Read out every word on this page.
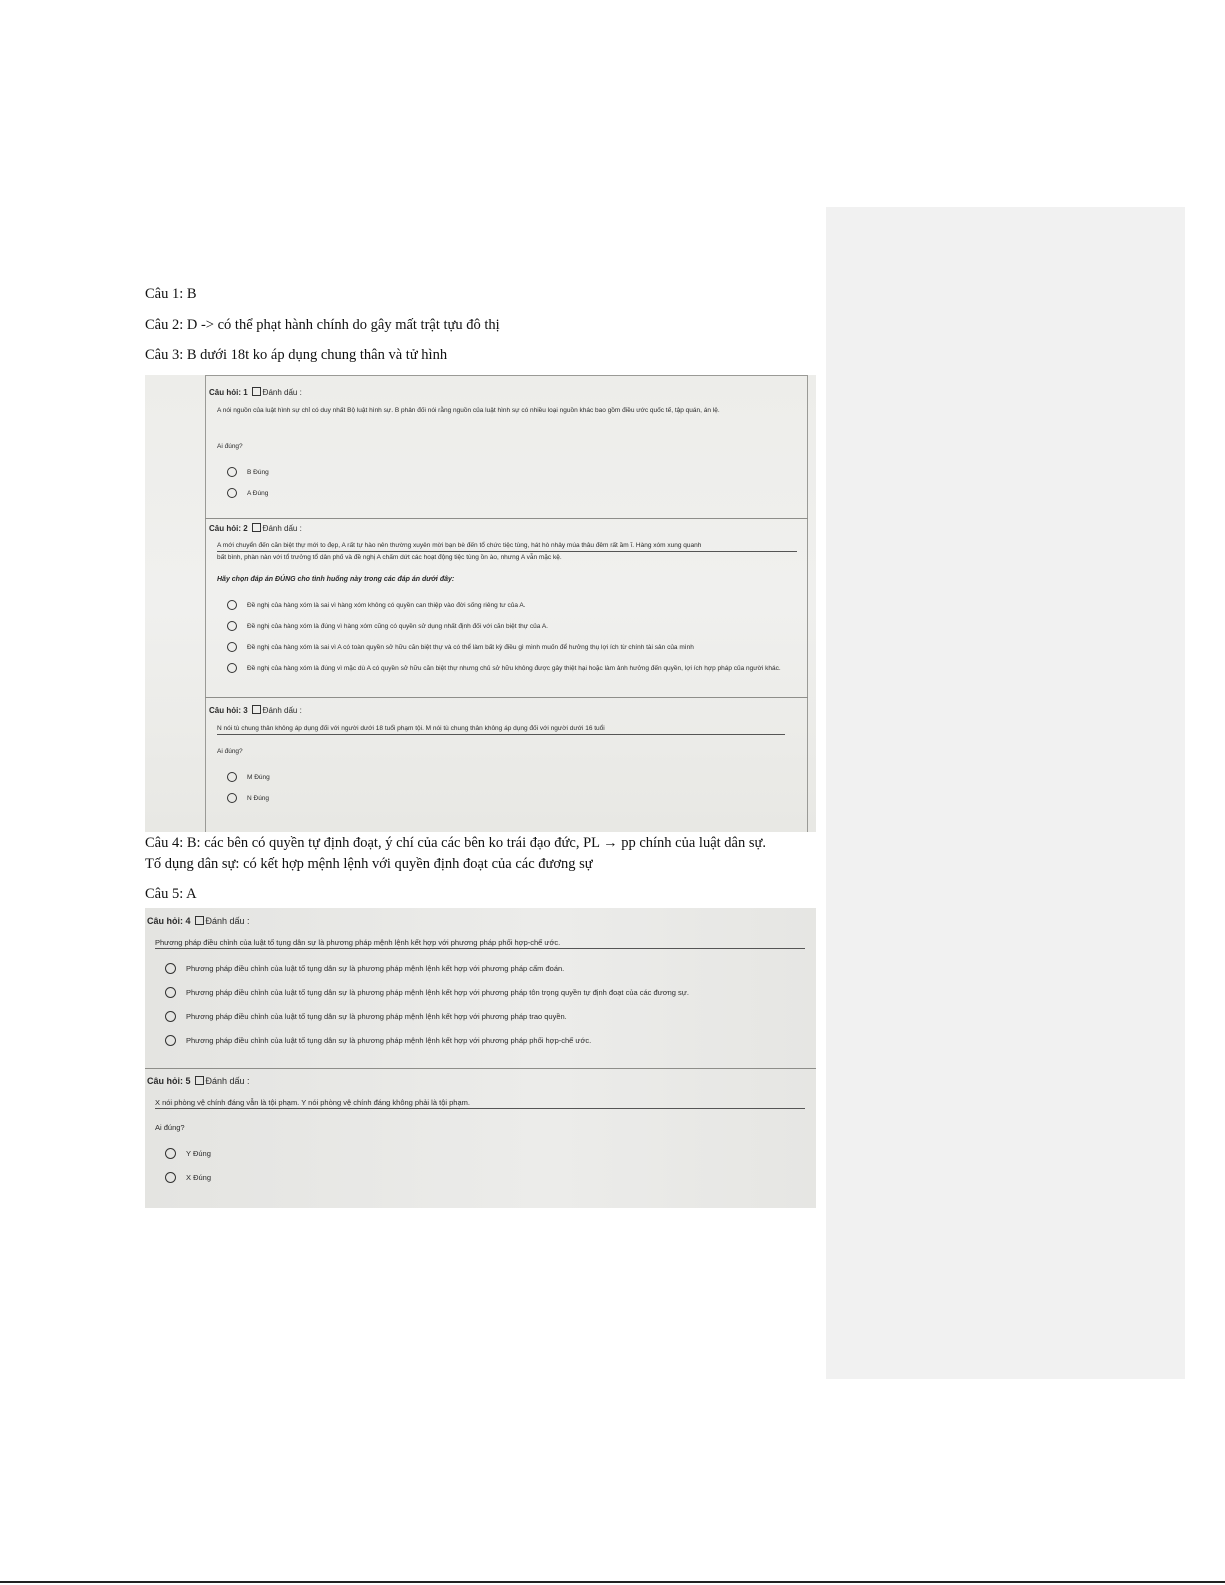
Câu 1: B
Câu 2: D -> có thể phạt hành chính do gây mất trật tựu đô thị
Câu 3: B dưới 18t ko áp dụng chung thân và tử hình
Câu hỏi: 1 Đánh dấu :
A nói nguồn của luật hình sự chỉ có duy nhất Bộ luật hình sự. B phản đối nói rằng nguồn của luật hình sự có nhiều loại nguồn khác bao gồm điều ước quốc tế, tập quán, án lệ.
Ai đúng?
B Đúng
A Đúng
Câu hỏi: 2 Đánh dấu :
A mới chuyển đến căn biệt thự mới to đẹp, A rất tự hào nên thường xuyên mời bạn bè đến tổ chức tiệc tùng, hát hò nhảy múa thâu đêm rất ầm ĩ. Hàng xóm xung quanh
bất bình, phàn nàn với tổ trưởng tổ dân phố và đề nghị A chấm dứt các hoạt động tiệc tùng ồn ào, nhưng A vẫn mặc kệ.
Hãy chọn đáp án ĐÚNG cho tình huống này trong các đáp án dưới đây:
Đề nghị của hàng xóm là sai vì hàng xóm không có quyền can thiệp vào đời sống riêng tư của A.
Đề nghị của hàng xóm là đúng vì hàng xóm cũng có quyền sử dụng nhất định đối với căn biệt thự của A.
Đề nghị của hàng xóm là sai vì A có toàn quyền sở hữu căn biệt thự và có thể làm bất kỳ điều gì mình muốn để hưởng thụ lợi ích từ chính tài sản của mình
Đề nghị của hàng xóm là đúng vì mặc dù A có quyền sở hữu căn biệt thự nhưng chủ sở hữu không được gây thiệt hại hoặc làm ảnh hưởng đến quyền, lợi ích hợp pháp của người khác.
Câu hỏi: 3 Đánh dấu :
N nói tù chung thân không áp dụng đối với người dưới 18 tuổi phạm tội. M nói tù chung thân không áp dụng đối với người dưới 16 tuổi
Ai đúng?
M Đúng
N Đúng
Câu 4: B: các bên có quyền tự định đoạt, ý chí của các bên ko trái đạo đức, PL → pp chính của luật dân sự.
Tố dụng dân sự: có kết hợp mệnh lệnh với quyền định đoạt của các đương sự
Câu 5: A
Câu hỏi: 4 Đánh dấu :
Phương pháp điều chỉnh của luật tố tụng dân sự là phương pháp mệnh lệnh kết hợp với phương pháp phối hợp-chế ước.
Phương pháp điều chỉnh của luật tố tụng dân sự là phương pháp mệnh lệnh kết hợp với phương pháp cấm đoán.
Phương pháp điều chỉnh của luật tố tụng dân sự là phương pháp mệnh lệnh kết hợp với phương pháp tôn trọng quyền tự định đoạt của các đương sự.
Phương pháp điều chỉnh của luật tố tụng dân sự là phương pháp mệnh lệnh kết hợp với phương pháp trao quyền.
Phương pháp điều chỉnh của luật tố tụng dân sự là phương pháp mệnh lệnh kết hợp với phương pháp phối hợp-chế ước.
Câu hỏi: 5 Đánh dấu :
X nói phòng vệ chính đáng vẫn là tội phạm. Y nói phòng vệ chính đáng không phải là tội phạm.
Ai đúng?
Y Đúng
X Đúng
